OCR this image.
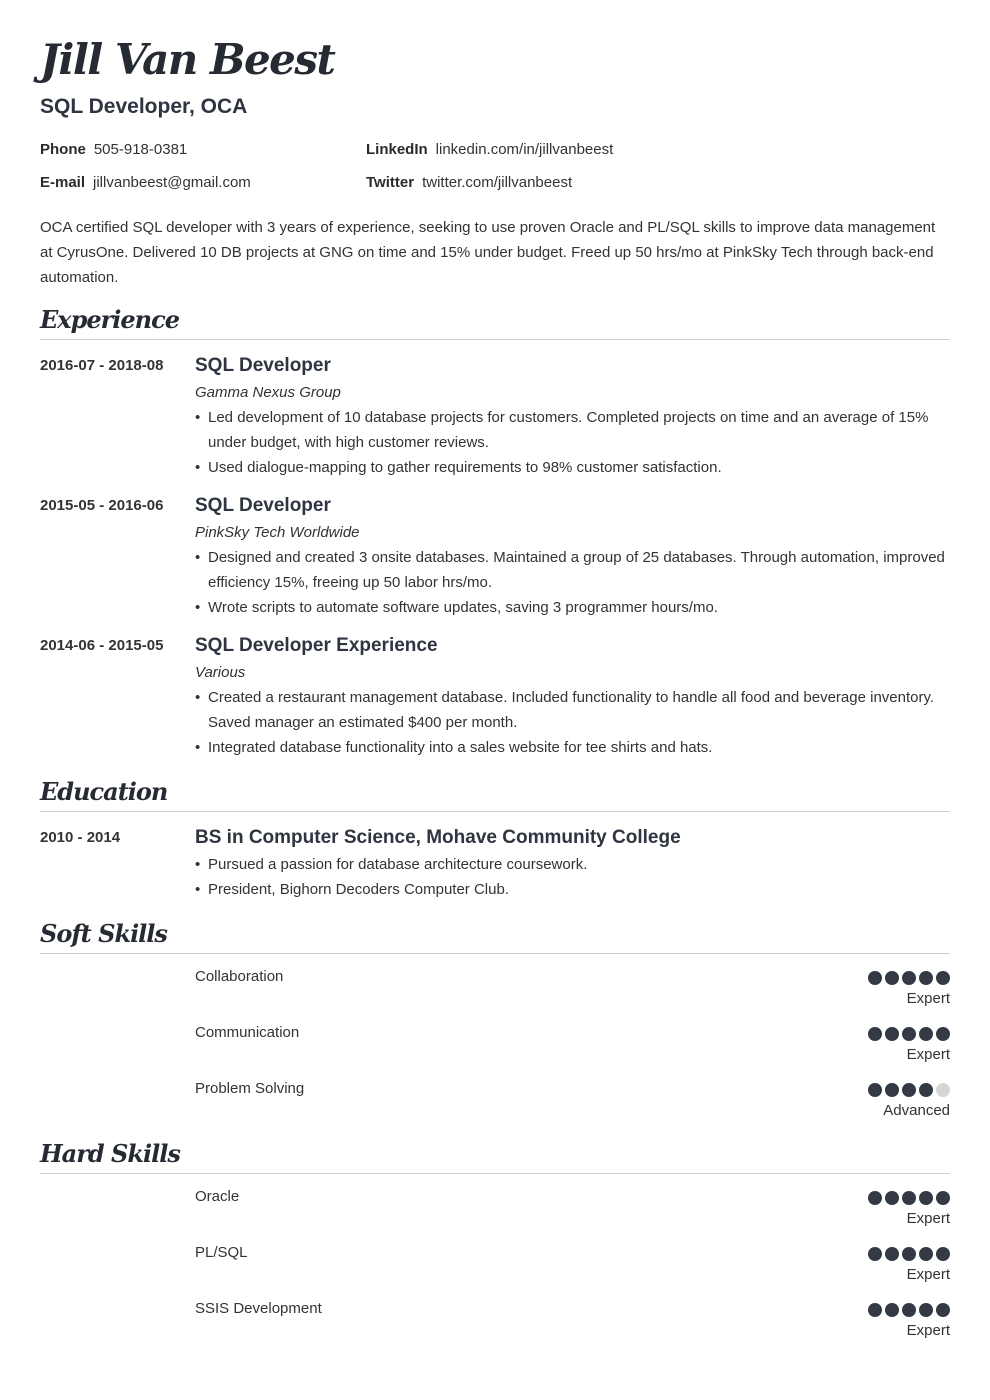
Jill Van Beest
SQL Developer, OCA
Phone 505-918-0381	LinkedIn linkedin.com/in/jillvanbeest
E-mail jillvanbeest@gmail.com	Twitter twitter.com/jillvanbeest
OCA certified SQL developer with 3 years of experience, seeking to use proven Oracle and PL/SQL skills to improve data management at CyrusOne. Delivered 10 DB projects at GNG on time and 15% under budget. Freed up 50 hrs/mo at PinkSky Tech through back-end automation.
Experience
2016-07 - 2018-08 SQL Developer
Gamma Nexus Group
• Led development of 10 database projects for customers. Completed projects on time and an average of 15% under budget, with high customer reviews.
• Used dialogue-mapping to gather requirements to 98% customer satisfaction.
2015-05 - 2016-06 SQL Developer
PinkSky Tech Worldwide
• Designed and created 3 onsite databases. Maintained a group of 25 databases. Through automation, improved efficiency 15%, freeing up 50 labor hrs/mo.
• Wrote scripts to automate software updates, saving 3 programmer hours/mo.
2014-06 - 2015-05 SQL Developer Experience
Various
• Created a restaurant management database. Included functionality to handle all food and beverage inventory. Saved manager an estimated $400 per month.
• Integrated database functionality into a sales website for tee shirts and hats.
Education
2010 - 2014	BS in Computer Science, Mohave Community College
• Pursued a passion for database architecture coursework.
• President, Bighorn Decoders Computer Club.
Soft Skills
Collaboration
Expert
Communication
Expert
Problem Solving
Advanced
Hard Skills
Oracle
Expert
PL/SQL
Expert
SSIS Development
Expert
